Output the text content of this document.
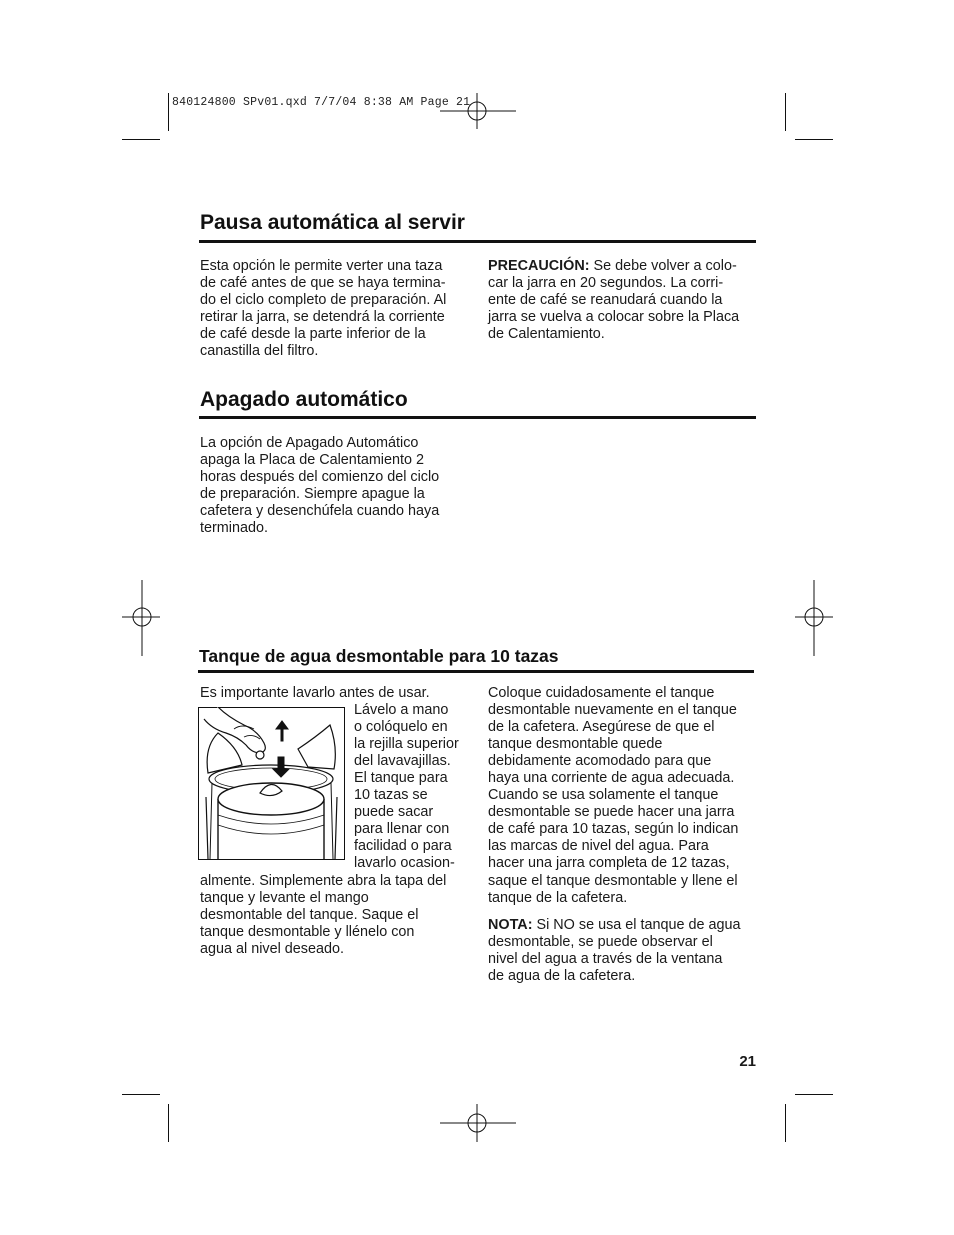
840124800 SPv01.qxd 7/7/04 8:38 AM Page 21
Pausa automática al servir
Esta opción le permite verter una taza
de café antes de que se haya termina-
do el ciclo completo de preparación. Al
retirar la jarra, se detendrá la corriente
de café desde la parte inferior de la
canastilla del filtro.
PRECAUCIÓN: Se debe volver a colo-
car la jarra en 20 segundos. La corri-
ente de café se reanudará cuando la
jarra se vuelva a colocar sobre la Placa
de Calentamiento.
Apagado automático
La opción de Apagado Automático
apaga la Placa de Calentamiento 2
horas después del comienzo del ciclo
de preparación. Siempre apague la
cafetera y desenchúfela cuando haya
terminado.
Tanque de agua desmontable para 10 tazas
Es importante lavarlo antes de usar.
Lávelo a mano
o colóquelo en
la rejilla superior
del lavavajillas.
El tanque para
10 tazas se
puede sacar
para llenar con
facilidad o para
lavarlo ocasion-
almente. Simplemente abra la tapa del
tanque y levante el mango
desmontable del tanque. Saque el
tanque desmontable y llénelo con
agua al nivel deseado.
Coloque cuidadosamente el tanque
desmontable nuevamente en el tanque
de la cafetera. Asegúrese de que el
tanque desmontable quede
debidamente acomodado para que
haya una corriente de agua adecuada.
Cuando se usa solamente el tanque
desmontable se puede hacer una jarra
de café para 10 tazas, según lo indican
las marcas de nivel del agua. Para
hacer una jarra completa de 12 tazas,
saque el tanque desmontable y llene el
tanque de la cafetera.
NOTA: Si NO se usa el tanque de agua
desmontable, se puede observar el
nivel del agua a través de la ventana
de agua de la cafetera.
21
